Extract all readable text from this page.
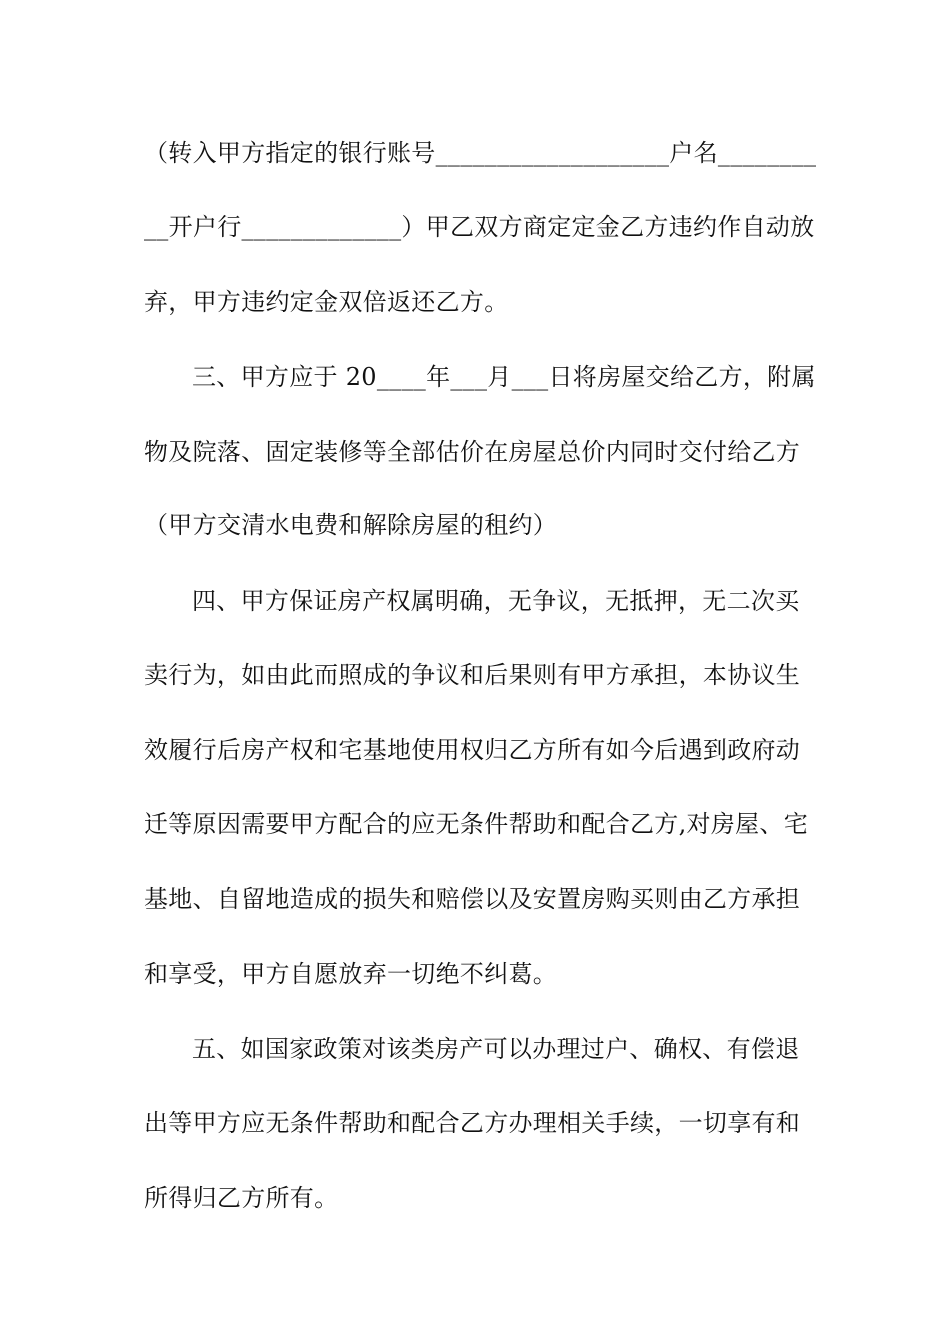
（转入甲方指定的银行账号___________________户名________
__开户行_____________）甲乙双方商定定金乙方违约作自动放
弃，甲方违约定金双倍返还乙方。
三、甲方应于 20____年___月___日将房屋交给乙方，附属
物及院落、固定装修等全部估价在房屋总价内同时交付给乙方
（甲方交清水电费和解除房屋的租约）
四、甲方保证房产权属明确，无争议，无抵押，无二次买
卖行为，如由此而照成的争议和后果则有甲方承担，本协议生
效履行后房产权和宅基地使用权归乙方所有如今后遇到政府动
迁等原因需要甲方配合的应无条件帮助和配合乙方,对房屋、宅
基地、自留地造成的损失和赔偿以及安置房购买则由乙方承担
和享受，甲方自愿放弃一切绝不纠葛。
五、如国家政策对该类房产可以办理过户、确权、有偿退
出等甲方应无条件帮助和配合乙方办理相关手续，一切享有和
所得归乙方所有。
